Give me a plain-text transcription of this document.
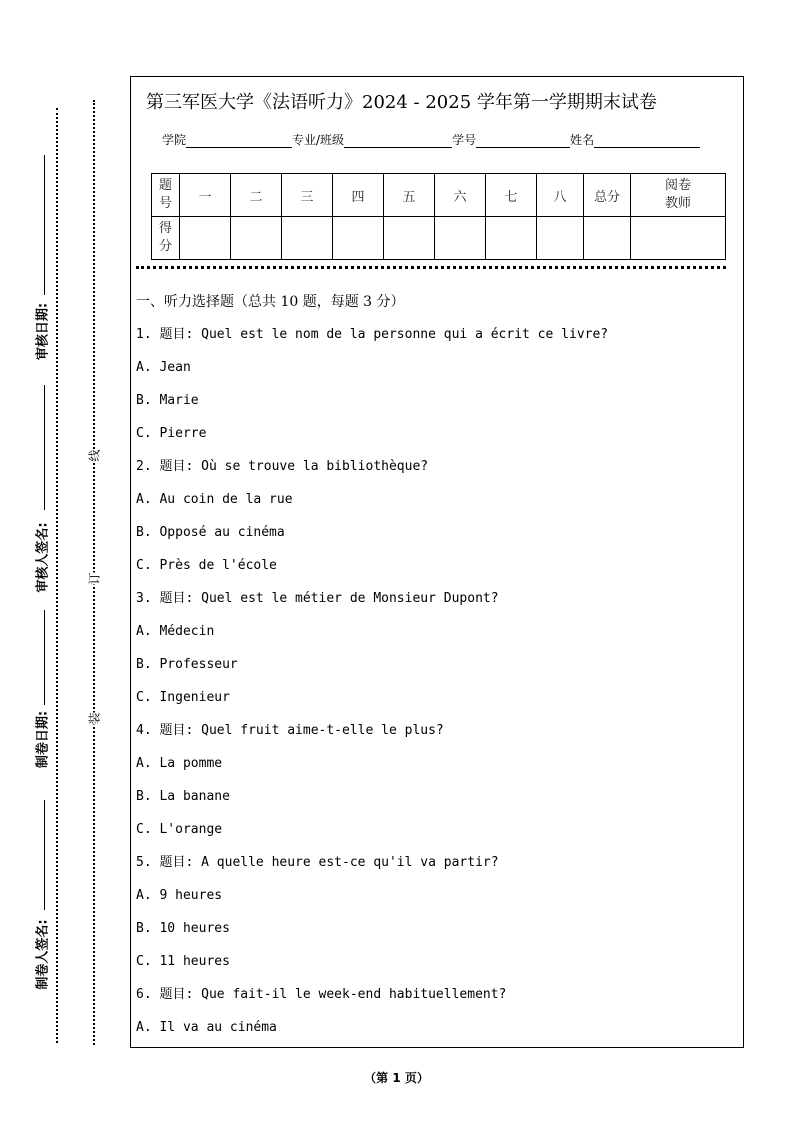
审核日期:
审核人签名:
制卷日期:
制卷人签名:
线
订
装
第三军医大学《法语听力》2024 - 2025 学年第一学期期末试卷
学院	专业/班级	学号	姓名
题号	一	二	三	四	五	六	七	八	总分	阅卷教师
得分										
一、听力选择题（总共 10 题，每题 3 分）
1. 题目: Quel est le nom de la personne qui a écrit ce livre?
A. Jean
B. Marie
C. Pierre
2. 题目: Où se trouve la bibliothèque?
A. Au coin de la rue
B. Opposé au cinéma
C. Près de l'école
3. 题目: Quel est le métier de Monsieur Dupont?
A. Médecin
B. Professeur
C. Ingenieur
4. 题目: Quel fruit aime-t-elle le plus?
A. La pomme
B. La banane
C. L'orange
5. 题目: A quelle heure est-ce qu'il va partir?
A. 9 heures
B. 10 heures
C. 11 heures
6. 题目: Que fait-il le week-end habituellement?
A. Il va au cinéma
（第 1 页）
